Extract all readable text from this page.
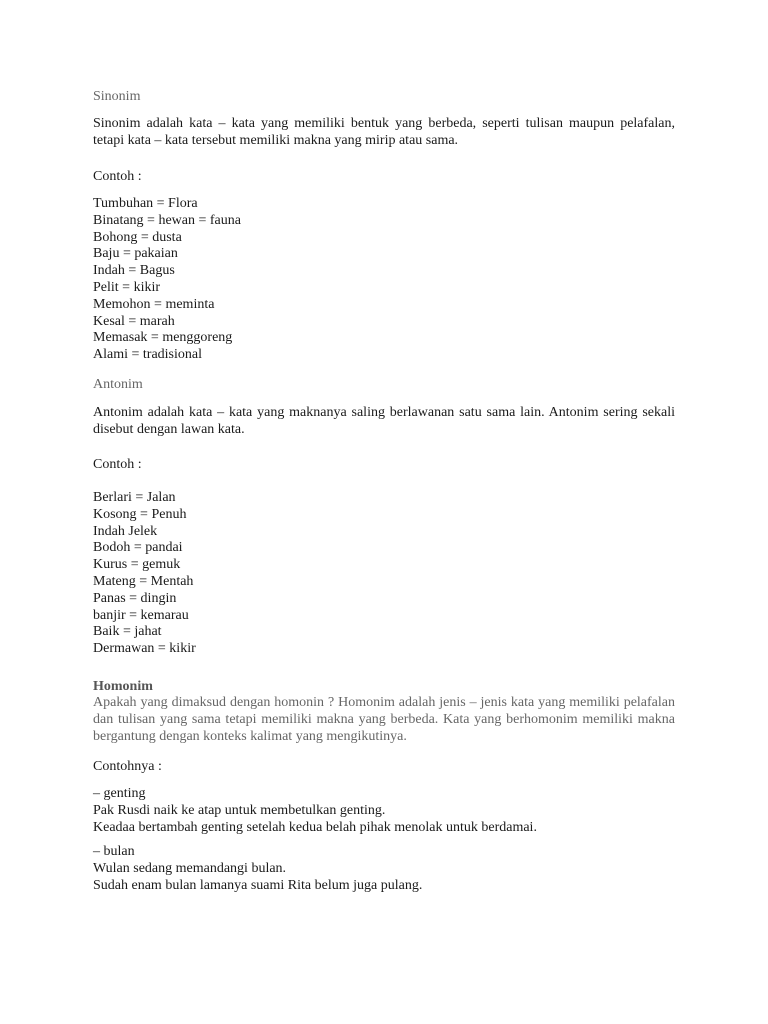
Sinonim

Sinonim adalah kata – kata yang memiliki bentuk yang berbeda, seperti tulisan maupun pelafalan, tetapi kata – kata tersebut memiliki makna yang mirip atau sama.

Contoh :

Tumbuhan = Flora
Binatang = hewan = fauna
Bohong = dusta
Baju = pakaian
Indah = Bagus
Pelit = kikir
Memohon = meminta
Kesal = marah
Memasak = menggoreng
Alami = tradisional

Antonim

Antonim adalah kata – kata yang maknanya saling berlawanan satu sama lain. Antonim sering sekali disebut dengan lawan kata.

Contoh :

Berlari = Jalan
Kosong = Penuh
Indah Jelek
Bodoh = pandai
Kurus = gemuk
Mateng = Mentah
Panas = dingin
banjir = kemarau
Baik = jahat
Dermawan = kikir

Homonim

Apakah yang dimaksud dengan homonin ? Homonim adalah jenis – jenis kata yang memiliki pelafalan dan tulisan yang sama tetapi memiliki makna yang berbeda. Kata yang berhomonim memiliki makna bergantung dengan konteks kalimat yang mengikutinya.

Contohnya :

– genting

Pak Rusdi naik ke atap untuk membetulkan genting.

Keadaa bertambah genting setelah kedua belah pihak menolak untuk berdamai.

– bulan

Wulan sedang memandangi bulan.

Sudah enam bulan lamanya suami Rita belum juga pulang.
